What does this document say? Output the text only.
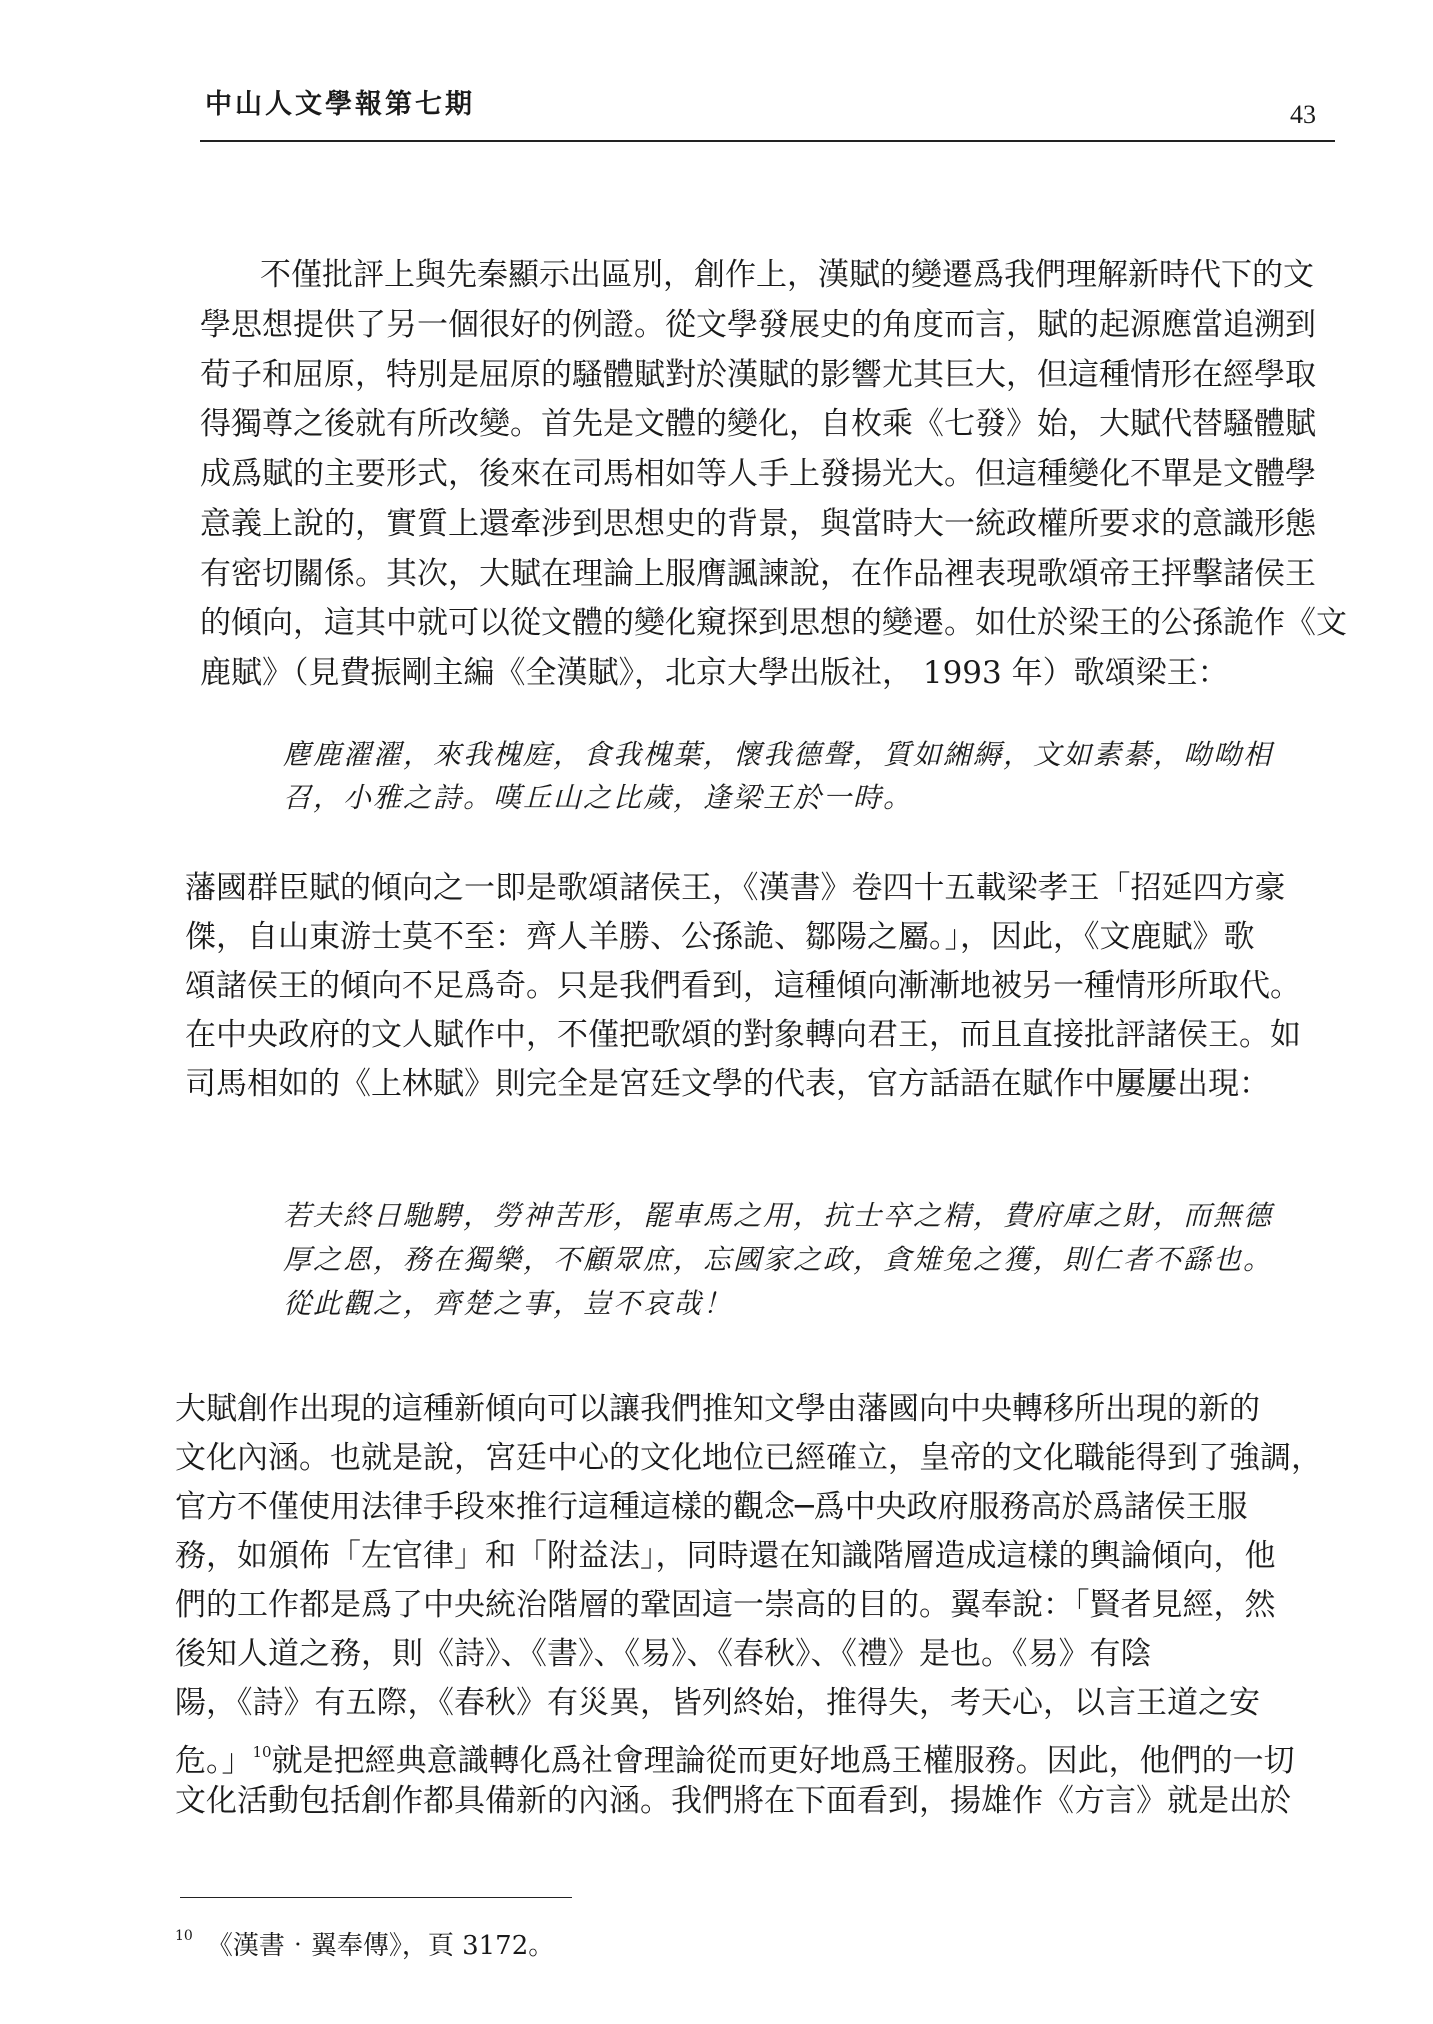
中山人文學報第七期	43
不僅批評上與先秦顯示出區別，創作上，漢賦的變遷爲我們理解新時代下的文
學思想提供了另一個很好的例證。從文學發展史的角度而言，賦的起源應當追溯到
荀子和屈原，特別是屈原的騷體賦對於漢賦的影響尤其巨大，但這種情形在經學取
得獨尊之後就有所改變。首先是文體的變化，自枚乘《七發》始，大賦代替騷體賦
成爲賦的主要形式，後來在司馬相如等人手上發揚光大。但這種變化不單是文體學
意義上說的，實質上還牽涉到思想史的背景，與當時大一統政權所要求的意識形態
有密切關係。其次，大賦在理論上服膺諷諫說，在作品裡表現歌頌帝王抨擊諸侯王
的傾向，這其中就可以從文體的變化窺探到思想的變遷。如仕於梁王的公孫詭作《文
鹿賦》（見費振剛主編《全漢賦》，北京大學出版社， 1993 年）歌頌梁王：
麀鹿濯濯，來我槐庭，食我槐葉，懷我德聲，質如緗縟，文如素綦，呦呦相
召，小雅之詩。嘆丘山之比歲，逢梁王於一時。
藩國群臣賦的傾向之一即是歌頌諸侯王，《漢書》卷四十五載梁孝王「招延四方豪
傑，自山東游士莫不至：齊人羊勝、公孫詭、鄒陽之屬。」，因此，《文鹿賦》歌
頌諸侯王的傾向不足爲奇。只是我們看到，這種傾向漸漸地被另一種情形所取代。
在中央政府的文人賦作中，不僅把歌頌的對象轉向君王，而且直接批評諸侯王。如
司馬相如的《上林賦》則完全是宮廷文學的代表，官方話語在賦作中屢屢出現：
若夫終日馳騁，勞神苦形，罷車馬之用，抗士卒之精，費府庫之財，而無德
厚之恩，務在獨樂，不顧眾庶，忘國家之政，貪雉兔之獲，則仁者不繇也。
從此觀之，齊楚之事，豈不哀哉！
大賦創作出現的這種新傾向可以讓我們推知文學由藩國向中央轉移所出現的新的
文化內涵。也就是說，宮廷中心的文化地位已經確立，皇帝的文化職能得到了強調，
官方不僅使用法律手段來推行這種這樣的觀念─爲中央政府服務高於爲諸侯王服
務，如頒佈「左官律」和「附益法」，同時還在知識階層造成這樣的輿論傾向，他
們的工作都是爲了中央統治階層的鞏固這一崇高的目的。翼奉說：「賢者見經，然
後知人道之務，則《詩》、《書》、《易》、《春秋》、《禮》是也。《易》有陰
陽，《詩》有五際，《春秋》有災異，皆列終始，推得失，考天心，以言王道之安
危。」$^{10}$就是把經典意識轉化爲社會理論從而更好地爲王權服務。因此，他們的一切
文化活動包括創作都具備新的內涵。我們將在下面看到，揚雄作《方言》就是出於
$^{10}$ 《漢書‧翼奉傳》，頁 3172。
